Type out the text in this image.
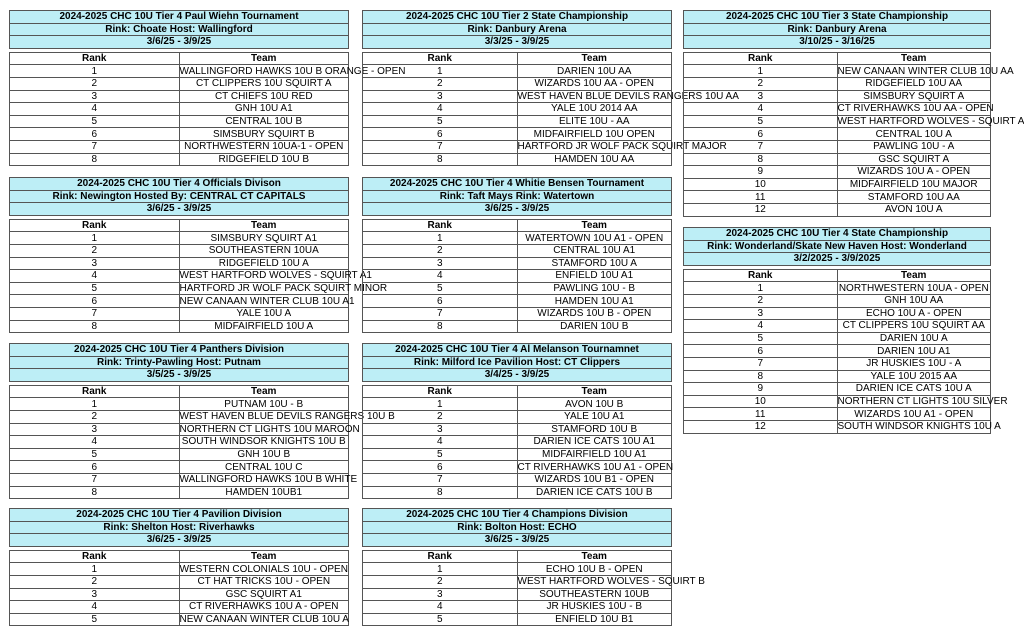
2024-2025 CHC 10U Tier 4 Paul Wiehn Tournament	
Rink: Choate Host: Wallingford	
3/6/25 - 3/9/25	

Rank	Team
1	WALLINGFORD HAWKS 10U B ORANGE - OPEN
2	CT CLIPPERS 10U SQUIRT A
3	CT CHIEFS 10U RED
4	GNH 10U A1
5	CENTRAL 10U B
6	SIMSBURY SQUIRT B
7	NORTHWESTERN 10UA-1 - OPEN
8	RIDGEFIELD 10U B
2024-2025 CHC 10U Tier 2 State Championship	
Rink: Danbury Arena	
3/3/25 - 3/9/25	

Rank	Team
1	DARIEN 10U AA
2	WIZARDS 10U AA - OPEN
3	WEST HAVEN BLUE DEVILS RANGERS 10U AA
4	YALE 10U 2014 AA
5	ELITE 10U - AA
6	MIDFAIRFIELD 10U OPEN
7	HARTFORD JR WOLF PACK SQUIRT MAJOR
8	HAMDEN 10U AA
2024-2025 CHC 10U Tier 3 State Championship	
Rink: Danbury Arena	
3/10/25 - 3/16/25	

Rank	Team
1	NEW CANAAN WINTER CLUB 10U AA
2	RIDGEFIELD 10U AA
3	SIMSBURY SQUIRT A
4	CT RIVERHAWKS 10U AA - OPEN
5	WEST HARTFORD WOLVES - SQUIRT A
6	CENTRAL 10U A
7	PAWLING 10U - A
8	GSC SQUIRT A
9	WIZARDS 10U A - OPEN
10	MIDFAIRFIELD 10U MAJOR
11	STAMFORD 10U AA
12	AVON 10U A
2024-2025 CHC 10U Tier 4 Officials Divison	
Rink: Newington Hosted By: CENTRAL CT CAPITALS	
3/6/25 - 3/9/25	

Rank	Team
1	SIMSBURY SQUIRT A1
2	SOUTHEASTERN 10UA
3	RIDGEFIELD 10U A
4	WEST HARTFORD WOLVES - SQUIRT A1
5	HARTFORD JR WOLF PACK SQUIRT MINOR
6	NEW CANAAN WINTER CLUB 10U A1
7	YALE 10U A
8	MIDFAIRFIELD 10U A
2024-2025 CHC 10U Tier 4 Whitie Bensen Tournament	
Rink: Taft Mays Rink: Watertown	
3/6/25 - 3/9/25	

Rank	Team
1	WATERTOWN 10U A1 - OPEN
2	CENTRAL 10U A1
3	STAMFORD 10U A
4	ENFIELD 10U A1
5	PAWLING 10U - B
6	HAMDEN 10U A1
7	WIZARDS 10U B - OPEN
8	DARIEN 10U B
2024-2025 CHC 10U Tier 4 State Championship	
Rink: Wonderland/Skate New Haven Host: Wonderland	
3/2/2025 - 3/9/2025	

Rank	Team
1	NORTHWESTERN 10UA - OPEN
2	GNH 10U AA
3	ECHO 10U A - OPEN
4	CT CLIPPERS 10U SQUIRT AA
5	DARIEN 10U A
6	DARIEN 10U A1
7	JR HUSKIES 10U - A
8	YALE 10U 2015 AA
9	DARIEN ICE CATS 10U A
10	NORTHERN CT LIGHTS 10U SILVER
11	WIZARDS 10U A1 - OPEN
12	SOUTH WINDSOR KNIGHTS 10U A
2024-2025 CHC 10U Tier 4 Panthers Division	
Rink: Trinty-Pawling Host: Putnam	
3/5/25 - 3/9/25	

Rank	Team
1	PUTNAM 10U - B
2	WEST HAVEN BLUE DEVILS RANGERS 10U B
3	NORTHERN CT LIGHTS 10U MAROON
4	SOUTH WINDSOR KNIGHTS 10U B
5	GNH 10U B
6	CENTRAL 10U C
7	WALLINGFORD HAWKS 10U B WHITE
8	HAMDEN 10UB1
2024-2025 CHC 10U Tier 4 Al Melanson Tournamnet	
Rink: Milford Ice Pavilion Host: CT Clippers	
3/4/25 - 3/9/25	

Rank	Team
1	AVON 10U B
2	YALE 10U A1
3	STAMFORD 10U B
4	DARIEN ICE CATS 10U A1
5	MIDFAIRFIELD 10U A1
6	CT RIVERHAWKS 10U A1 - OPEN
7	WIZARDS 10U B1 - OPEN
8	DARIEN ICE CATS 10U B
2024-2025 CHC 10U Tier 4 Pavilion Division	
Rink: Shelton Host: Riverhawks	
3/6/25 - 3/9/25	

Rank	Team
1	WESTERN COLONIALS 10U - OPEN
2	CT HAT TRICKS 10U - OPEN
3	GSC SQUIRT A1
4	CT RIVERHAWKS 10U A - OPEN
5	NEW CANAAN WINTER CLUB 10U A
2024-2025 CHC 10U Tier 4 Champions Division	
Rink: Bolton Host: ECHO	
3/6/25 - 3/9/25	

Rank	Team
1	ECHO 10U B - OPEN
2	WEST HARTFORD WOLVES - SQUIRT B
3	SOUTHEASTERN 10UB
4	JR HUSKIES 10U - B
5	ENFIELD 10U B1
